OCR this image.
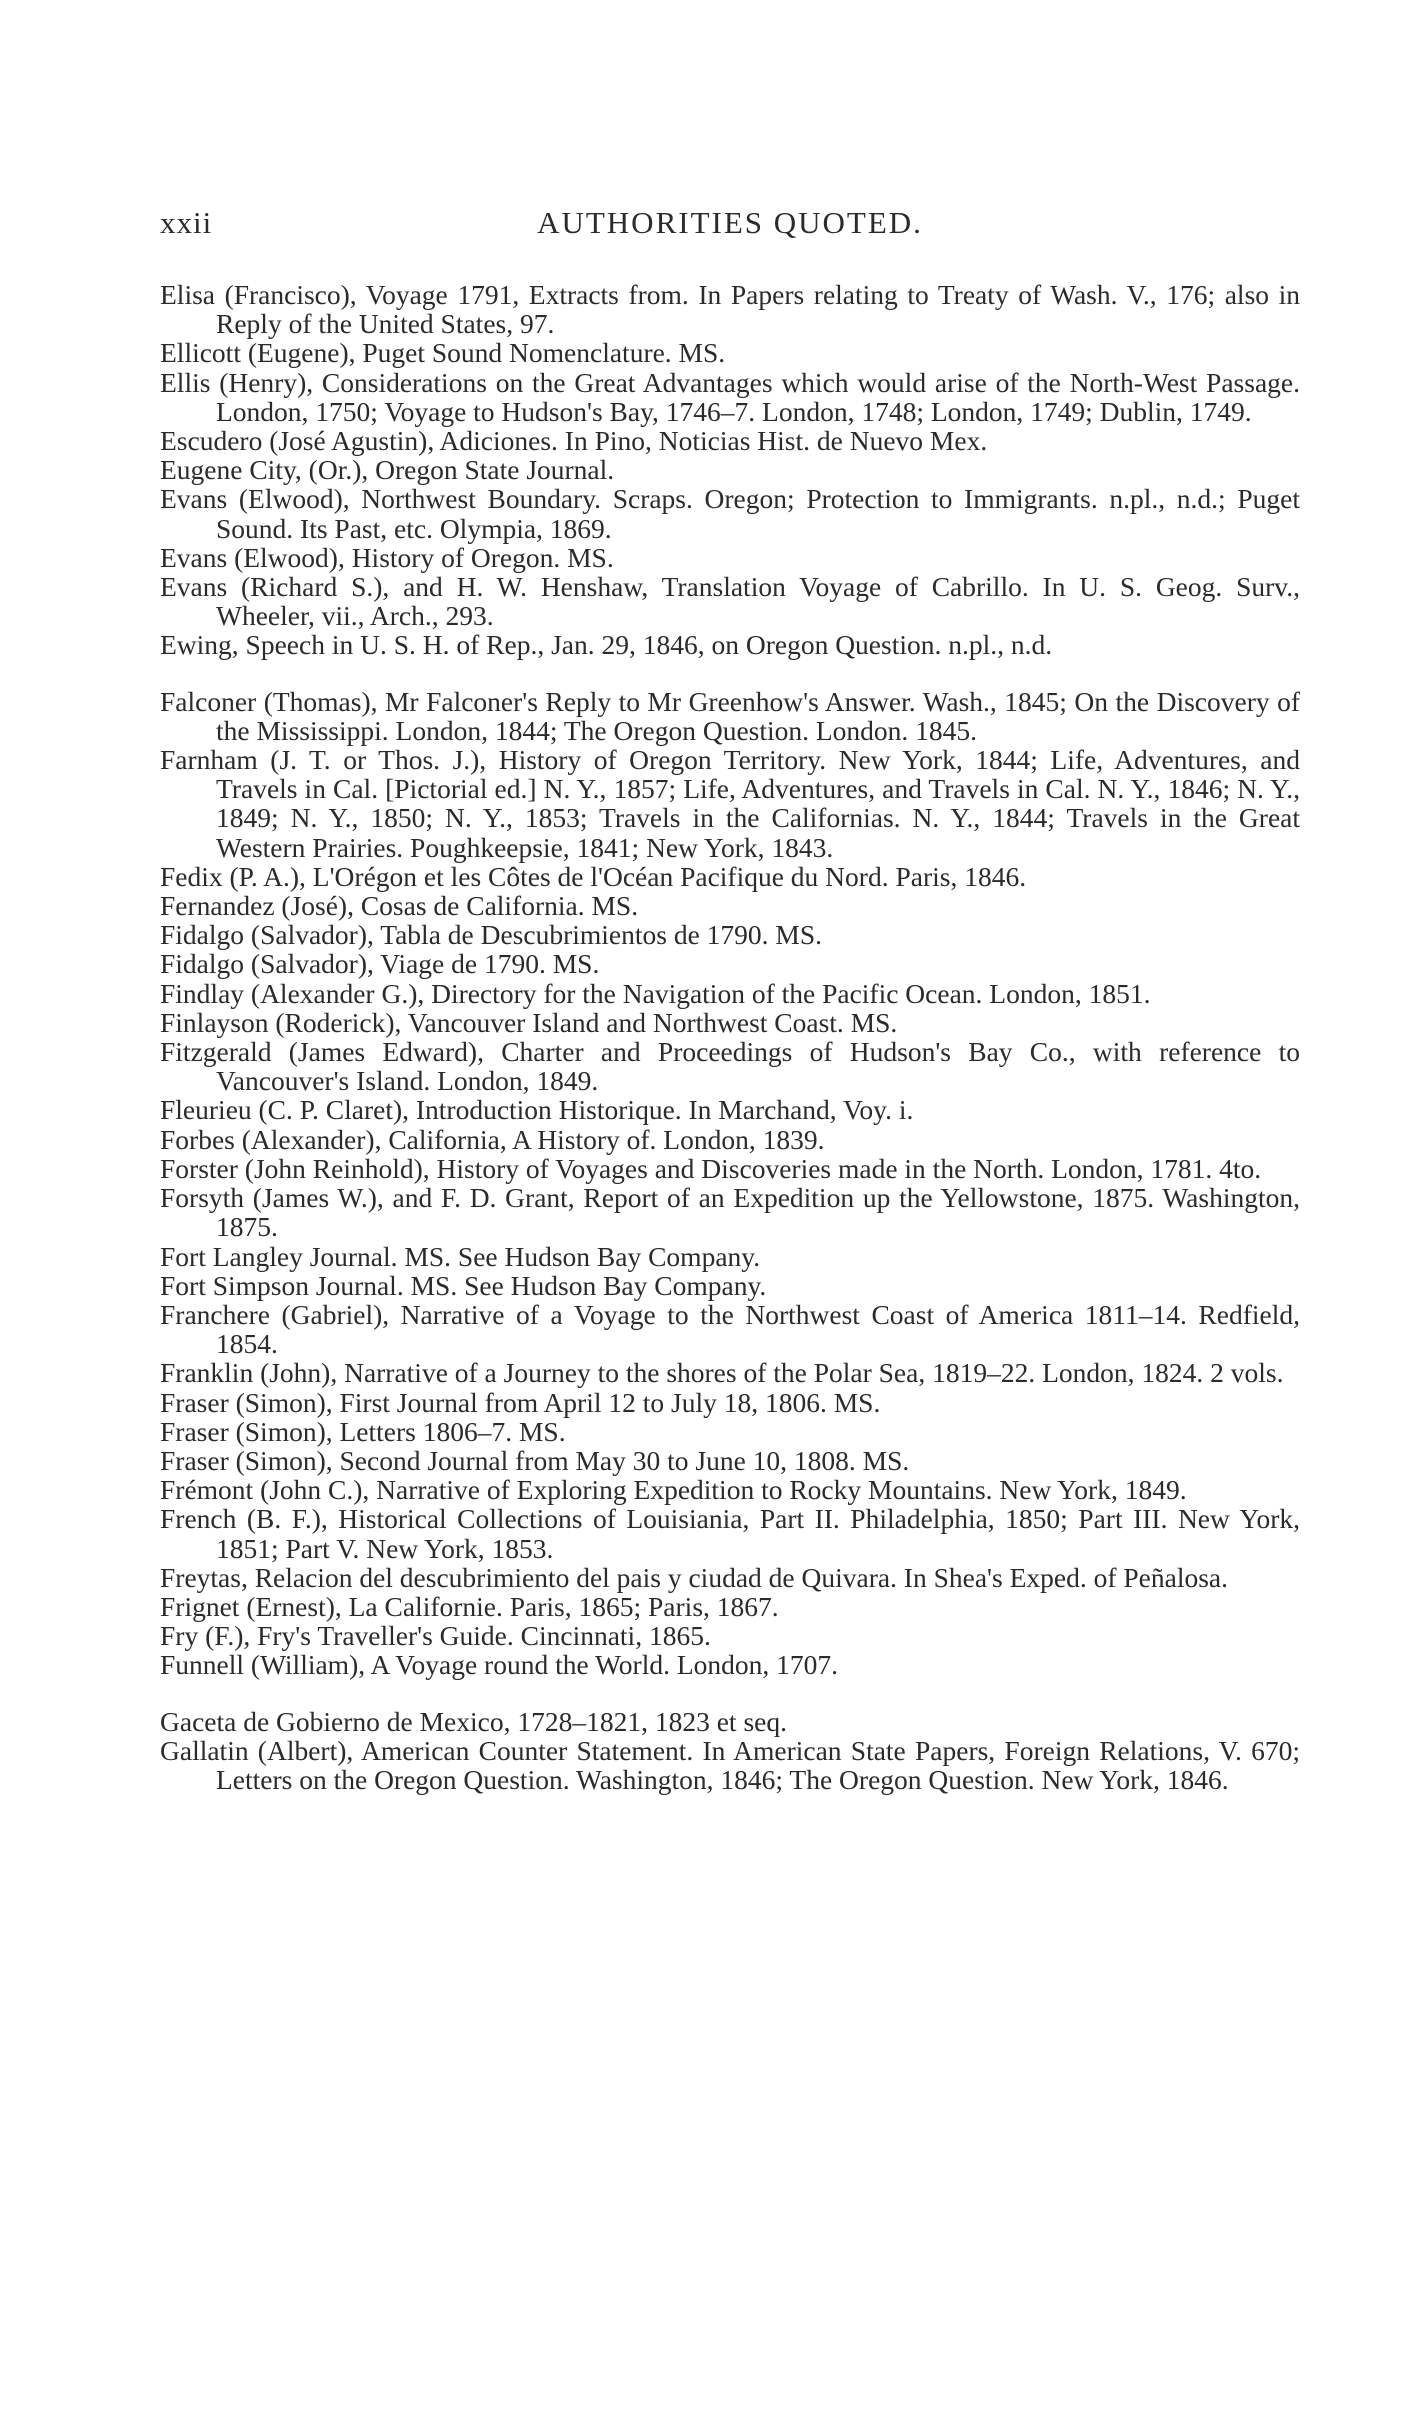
xxii	AUTHORITIES QUOTED.

Elisa (Francisco), Voyage 1791, Extracts from. In Papers relating to Treaty of Wash. V., 176; also in Reply of the United States, 97.

Ellicott (Eugene), Puget Sound Nomenclature. MS.

Ellis (Henry), Considerations on the Great Advantages which would arise of the North-West Passage. London, 1750; Voyage to Hudson's Bay, 1746–7. London, 1748; London, 1749; Dublin, 1749.

Escudero (José Agustin), Adiciones. In Pino, Noticias Hist. de Nuevo Mex.

Eugene City, (Or.), Oregon State Journal.

Evans (Elwood), Northwest Boundary. Scraps. Oregon; Protection to Immigrants. n.pl., n.d.; Puget Sound. Its Past, etc. Olympia, 1869.

Evans (Elwood), History of Oregon. MS.

Evans (Richard S.), and H. W. Henshaw, Translation Voyage of Cabrillo. In U. S. Geog. Surv., Wheeler, vii., Arch., 293.

Ewing, Speech in U. S. H. of Rep., Jan. 29, 1846, on Oregon Question. n.pl., n.d.

Falconer (Thomas), Mr Falconer's Reply to Mr Greenhow's Answer. Wash., 1845; On the Discovery of the Mississippi. London, 1844; The Oregon Question. London. 1845.

Farnham (J. T. or Thos. J.), History of Oregon Territory. New York, 1844; Life, Adventures, and Travels in Cal. [Pictorial ed.] N. Y., 1857; Life, Adventures, and Travels in Cal. N. Y., 1846; N. Y., 1849; N. Y., 1850; N. Y., 1853; Travels in the Californias. N. Y., 1844; Travels in the Great Western Prairies. Poughkeepsie, 1841; New York, 1843.

Fedix (P. A.), L'Orégon et les Côtes de l'Océan Pacifique du Nord. Paris, 1846.

Fernandez (José), Cosas de California. MS.

Fidalgo (Salvador), Tabla de Descubrimientos de 1790. MS.

Fidalgo (Salvador), Viage de 1790. MS.

Findlay (Alexander G.), Directory for the Navigation of the Pacific Ocean. London, 1851.

Finlayson (Roderick), Vancouver Island and Northwest Coast. MS.

Fitzgerald (James Edward), Charter and Proceedings of Hudson's Bay Co., with reference to Vancouver's Island. London, 1849.

Fleurieu (C. P. Claret), Introduction Historique. In Marchand, Voy. i.

Forbes (Alexander), California, A History of. London, 1839.

Forster (John Reinhold), History of Voyages and Discoveries made in the North. London, 1781. 4to.

Forsyth (James W.), and F. D. Grant, Report of an Expedition up the Yellowstone, 1875. Washington, 1875.

Fort Langley Journal. MS. See Hudson Bay Company.

Fort Simpson Journal. MS. See Hudson Bay Company.

Franchere (Gabriel), Narrative of a Voyage to the Northwest Coast of America 1811–14. Redfield, 1854.

Franklin (John), Narrative of a Journey to the shores of the Polar Sea, 1819–22. London, 1824. 2 vols.

Fraser (Simon), First Journal from April 12 to July 18, 1806. MS.

Fraser (Simon), Letters 1806–7. MS.

Fraser (Simon), Second Journal from May 30 to June 10, 1808. MS.

Frémont (John C.), Narrative of Exploring Expedition to Rocky Mountains. New York, 1849.

French (B. F.), Historical Collections of Louisiania, Part II. Philadelphia, 1850; Part III. New York, 1851; Part V. New York, 1853.

Freytas, Relacion del descubrimiento del pais y ciudad de Quivara. In Shea's Exped. of Peñalosa.

Frignet (Ernest), La Californie. Paris, 1865; Paris, 1867.

Fry (F.), Fry's Traveller's Guide. Cincinnati, 1865.

Funnell (William), A Voyage round the World. London, 1707.

Gaceta de Gobierno de Mexico, 1728–1821, 1823 et seq.

Gallatin (Albert), American Counter Statement. In American State Papers, Foreign Relations, V. 670; Letters on the Oregon Question. Washington, 1846; The Oregon Question. New York, 1846.
